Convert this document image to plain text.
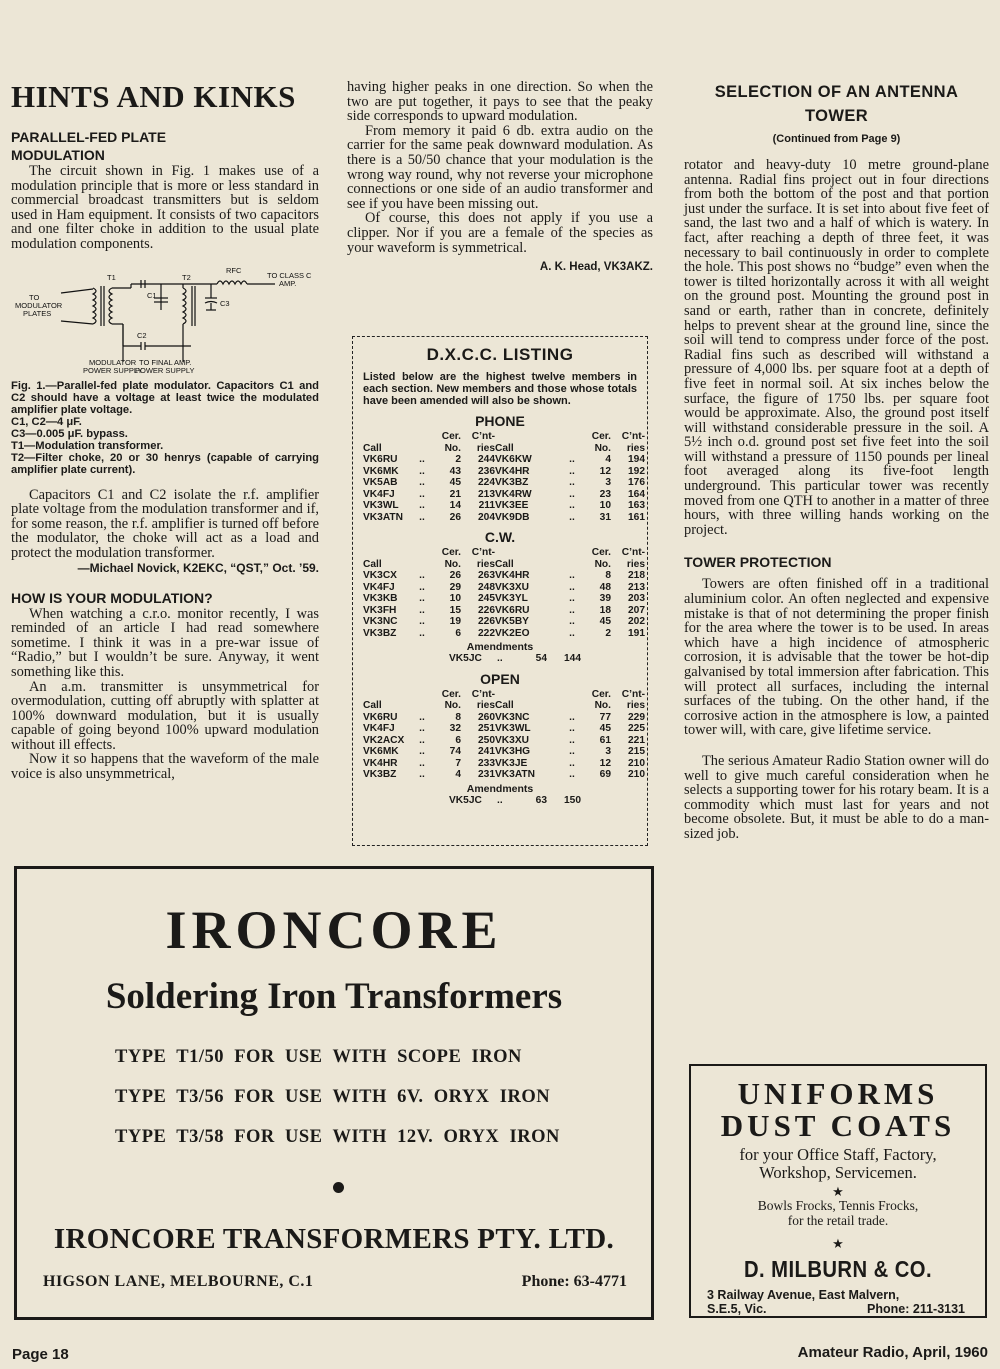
HINTS AND KINKS
PARALLEL-FED PLATE
MODULATION

The circuit shown in Fig. 1 makes use of a modulation principle that is more or less standard in commercial broadcast transmitters but is seldom used in Ham equipment. It consists of two capacitors and one filter choke in addition to the usual plate modulation components.

RFC
TO CLASS C
AMP.
T1	T2
C1
C2
C3
TO
MODULATOR
PLATES
MODULATOR
POWER SUPPLY
TO FINAL AMP.
POWER SUPPLY
Fig. 1.—Parallel-fed plate modulator. Capacitors C1 and C2 should have a voltage at least twice the modulated amplifier plate voltage.
C1, C2—4 μF.
C3—0.005 μF. bypass.
T1—Modulation transformer.
T2—Filter choke, 20 or 30 henrys (capable of carrying amplifier plate current).

Capacitors C1 and C2 isolate the r.f. amplifier plate voltage from the modulation transformer and if, for some reason, the r.f. amplifier is turned off before the modulator, the choke will act as a load and protect the modulation transformer.

—Michael Novick, K2EKC, “QST,” Oct. ’59.
HOW IS YOUR MODULATION?

When watching a c.r.o. monitor recently, I was reminded of an article I had read somewhere sometime. I think it was in a pre-war issue of “Radio,” but I wouldn’t be sure. Anyway, it went something like this.

An a.m. transmitter is unsymmetrical for overmodulation, cutting off abruptly with splatter at 100% downward modulation, but it is usually capable of going beyond 100% upward modulation without ill effects.

Now it so happens that the waveform of the male voice is also unsymmetrical,

having higher peaks in one direction. So when the two are put together, it pays to see that the peaky side corresponds to upward modulation.

From memory it paid 6 db. extra audio on the carrier for the same peak downward modulation. As there is a 50/50 chance that your modulation is the wrong way round, why not reverse your microphone connections or one side of an audio transformer and see if you have been missing out.

Of course, this does not apply if you use a clipper. Nor if you are a female of the species as your waveform is symmetrical.

A. K. Head, VK3AKZ.
D.X.C.C. LISTING

Listed below are the highest twelve members in each section. New members and those whose totals have been amended will also be shown.

PHONE
Cer.	C’nt-	Cer.	C’nt-
Call	No.	ries Call	No.	ries
VK6RU	..	2	244 VK6KW	..	4	194
VK6MK	..	43	236 VK4HR	..	12	192
VK5AB	..	45	224 VK3BZ	..	3	176
VK4FJ	..	21	213 VK4RW	..	23	164
VK3WL	..	14	211 VK3EE	..	10	163
VK3ATN	..	26	204 VK9DB	..	31	161
C.W.
Cer.	C’nt-	Cer.	C’nt-
Call	No.	ries Call	No.	ries
VK3CX	..	26	263 VK4HR	..	8	218
VK4FJ	..	29	248 VK3XU	..	48	213
VK3KB	..	10	245 VK3YL	..	39	203
VK3FH	..	15	226 VK6RU	..	18	207
VK3NC	..	19	226 VK5BY	..	45	202
VK3BZ	..	6	222 VK2EO	..	2	191
Amendments
VK5JC	..	54	144
OPEN
Cer.	C’nt-	Cer.	C’nt-
Call	No.	ries Call	No.	ries
VK6RU	..	8	260 VK3NC	..	77	229
VK4FJ	..	32	251 VK3WL	..	45	225
VK2ACX	..	6	250 VK3XU	..	61	221
VK6MK	..	74	241 VK3HG	..	3	215
VK4HR	..	7	233 VK3JE	..	12	210
VK3BZ	..	4	231 VK3ATN	..	69	210
Amendments
VK5JC	..	63	150
SELECTION OF AN ANTENNA
TOWER
(Continued from Page 9)

rotator and heavy-duty 10 metre ground-plane antenna. Radial fins project out in four directions from both the bottom of the post and that portion just under the surface. It is set into about five feet of sand, the last two and a half of which is watery. In fact, after reaching a depth of three feet, it was necessary to bail continuously in order to complete the hole. This post shows no “budge” even when the tower is tilted horizontally across it with all weight on the ground post. Mounting the ground post in sand or earth, rather than in concrete, definitely helps to prevent shear at the ground line, since the soil will tend to compress under force of the post. Radial fins such as described will withstand a pressure of 4,000 lbs. per square foot at a depth of five feet in normal soil. At six inches below the surface, the figure of 1750 lbs. per square foot would be approximate. Also, the ground post itself will withstand considerable pressure in the soil. A 5½ inch o.d. ground post set five feet into the soil will withstand a pressure of 1150 pounds per lineal foot averaged along its five-foot length underground. This particular tower was recently moved from one QTH to another in a matter of three hours, with three willing hands working on the project.

TOWER PROTECTION

Towers are often finished off in a traditional aluminium color. An often neglected and expensive mistake is that of not determining the proper finish for the area where the tower is to be used. In areas which have a high incidence of atmospheric corrosion, it is advisable that the tower be hot-dip galvanised by total immersion after fabrication. This will protect all surfaces, including the internal surfaces of the tubing. On the other hand, if the corrosive action in the atmosphere is low, a painted tower will, with care, give lifetime service.

The serious Amateur Radio Station owner will do well to give much careful consideration when he selects a supporting tower for his rotary beam. It is a commodity which must last for years and not become obsolete. But, it must be able to do a man-sized job.

IRONCORE
Soldering Iron Transformers
TYPE  T1/50  FOR  USE  WITH  SCOPE  IRON
TYPE  T3/56  FOR  USE  WITH  6V.  ORYX  IRON
TYPE  T3/58  FOR  USE  WITH  12V.  ORYX  IRON
IRONCORE TRANSFORMERS PTY. LTD.
HIGSON LANE, MELBOURNE, C.1	Phone: 63-4771
UNIFORMS
DUST COATS
for your Office Staff, Factory,
Workshop, Servicemen.
★
Bowls Frocks, Tennis Frocks,
for the retail trade.
★
D. MILBURN & CO.
3 Railway Avenue, East Malvern,
S.E.5, Vic.	Phone: 211-3131
Page 18	Amateur Radio, April, 1960
